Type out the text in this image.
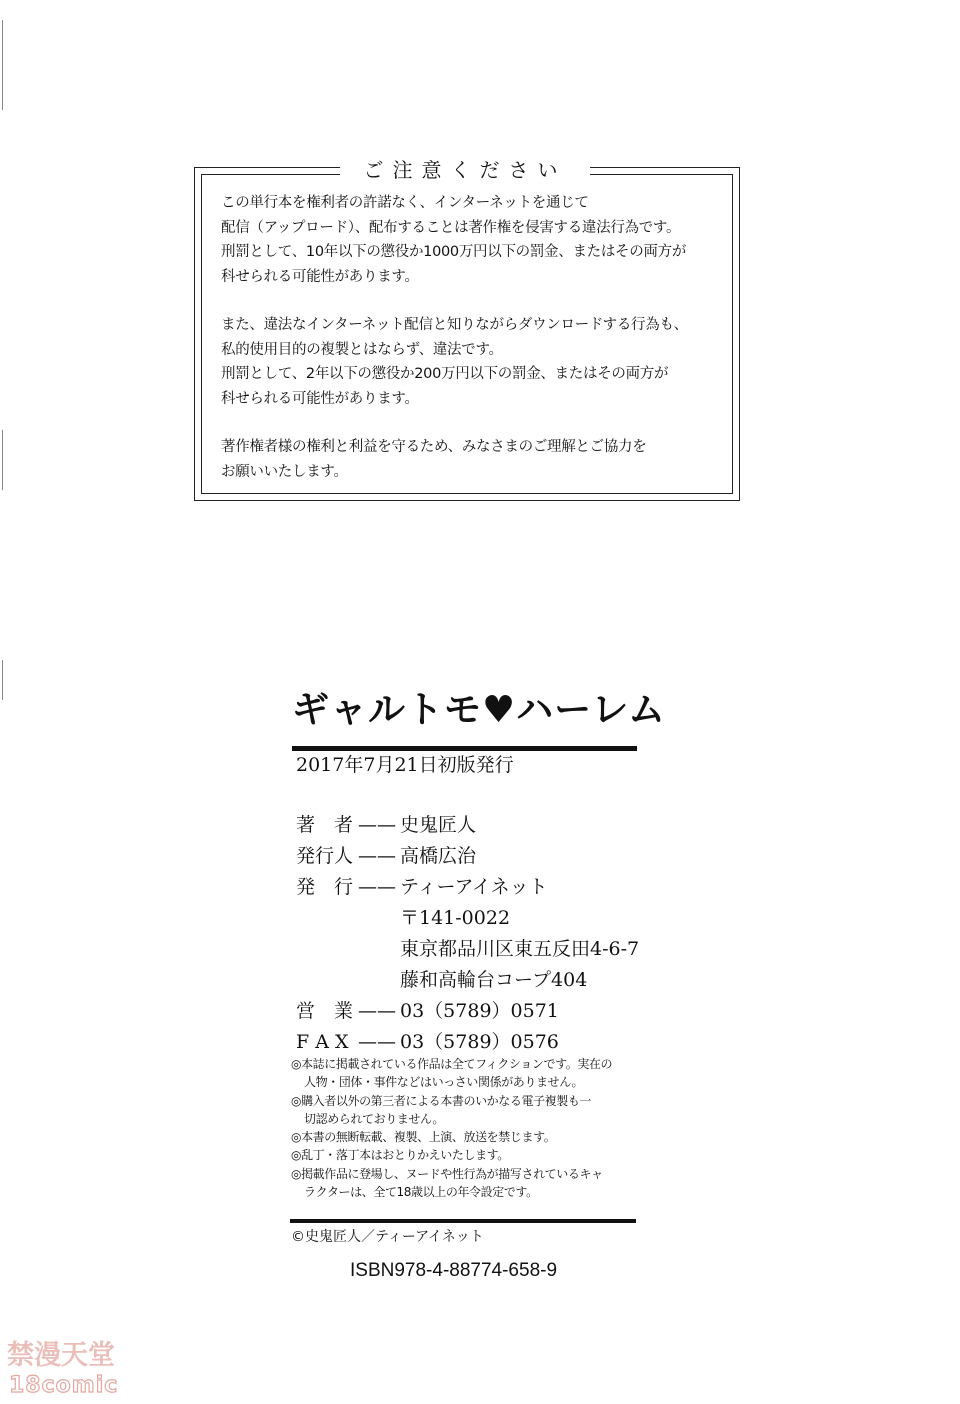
ご注意ください
この単行本を権利者の許諾なく、インターネットを通じて
配信（アップロード）、配布することは著作権を侵害する違法行為です。
刑罰として、10年以下の懲役か1000万円以下の罰金、またはその両方が
科せられる可能性があります。
また、違法なインターネット配信と知りながらダウンロードする行為も、
私的使用目的の複製とはならず、違法です。
刑罰として、2年以下の懲役か200万円以下の罰金、またはその両方が
科せられる可能性があります。
著作権者様の権利と利益を守るため、みなさまのご理解とご協力を
お願いいたします。
ギャルトモ♥ハーレム
2017年7月21日初版発行
著　者 —— 史鬼匠人
発行人 —— 高橋広治
発　行 —— ティーアイネット
〒141-0022
東京都品川区東五反田4-6-7
藤和高輪台コープ404
営　業 —— 03（5789）0571
F A X —— 03（5789）0576
◎本誌に掲載されている作品は全てフィクションです。実在の
人物・団体・事件などはいっさい関係がありません。
◎購入者以外の第三者による本書のいかなる電子複製も一
切認められておりません。
◎本書の無断転載、複製、上演、放送を禁じます。
◎乱丁・落丁本はおとりかえいたします。
◎掲載作品に登場し、ヌードや性行為が描写されているキャ
ラクターは、全て18歳以上の年令設定です。
©史鬼匠人／ティーアイネット
ISBN978-4-88774-658-9
禁漫天堂
18comic
